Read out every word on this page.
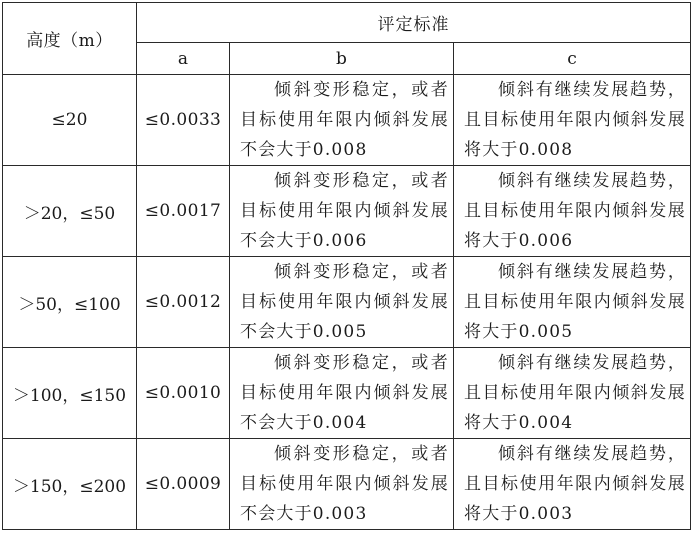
高度（m）	评定标准		
	a	b	c
≤20	≤0.0033	倾斜变形稳定，或者目标使用年限内倾斜发展不会大于0.008	倾斜有继续发展趋势，且目标使用年限内倾斜发展将大于0.008
＞20，≤50	≤0.0017	倾斜变形稳定，或者目标使用年限内倾斜发展不会大于0.006	倾斜有继续发展趋势，且目标使用年限内倾斜发展将大于0.006
＞50，≤100	≤0.0012	倾斜变形稳定，或者目标使用年限内倾斜发展不会大于0.005	倾斜有继续发展趋势，且目标使用年限内倾斜发展将大于0.005
＞100，≤150	≤0.0010	倾斜变形稳定，或者目标使用年限内倾斜发展不会大于0.004	倾斜有继续发展趋势，且目标使用年限内倾斜发展将大于0.004
＞150，≤200	≤0.0009	倾斜变形稳定，或者目标使用年限内倾斜发展不会大于0.003	倾斜有继续发展趋势，且目标使用年限内倾斜发展将大于0.003
